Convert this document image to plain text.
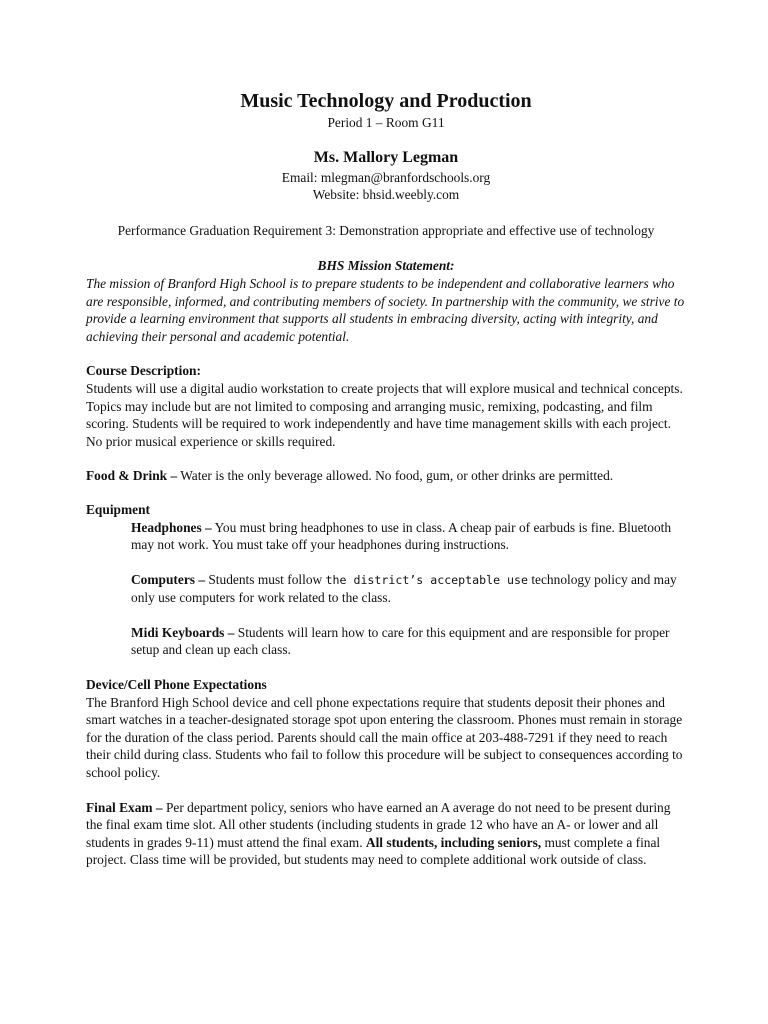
Music Technology and Production

Period 1 – Room G11

Ms. Mallory Legman

Email: mlegman@branfordschools.org

Website: bhsid.weebly.com

Performance Graduation Requirement 3: Demonstration appropriate and effective use of technology

BHS Mission Statement:

The mission of Branford High School is to prepare students to be independent and collaborative learners who are responsible, informed, and contributing members of society. In partnership with the community, we strive to provide a learning environment that supports all students in embracing diversity, acting with integrity, and achieving their personal and academic potential.

Course Description:

Students will use a digital audio workstation to create projects that will explore musical and technical concepts. Topics may include but are not limited to composing and arranging music, remixing, podcasting, and film scoring. Students will be required to work independently and have time management skills with each project. No prior musical experience or skills required.

Food & Drink – Water is the only beverage allowed. No food, gum, or other drinks are permitted.

Equipment

Headphones – You must bring headphones to use in class. A cheap pair of earbuds is fine. Bluetooth may not work. You must take off your headphones during instructions.

Computers – Students must follow the district’s acceptable use technology policy and may only use computers for work related to the class.

Midi Keyboards – Students will learn how to care for this equipment and are responsible for proper setup and clean up each class.

Device/Cell Phone Expectations

The Branford High School device and cell phone expectations require that students deposit their phones and smart watches in a teacher-designated storage spot upon entering the classroom. Phones must remain in storage for the duration of the class period. Parents should call the main office at 203-488-7291 if they need to reach their child during class. Students who fail to follow this procedure will be subject to consequences according to school policy.

Final Exam – Per department policy, seniors who have earned an A average do not need to be present during the final exam time slot. All other students (including students in grade 12 who have an A- or lower and all students in grades 9-11) must attend the final exam. All students, including seniors, must complete a final project. Class time will be provided, but students may need to complete additional work outside of class.
